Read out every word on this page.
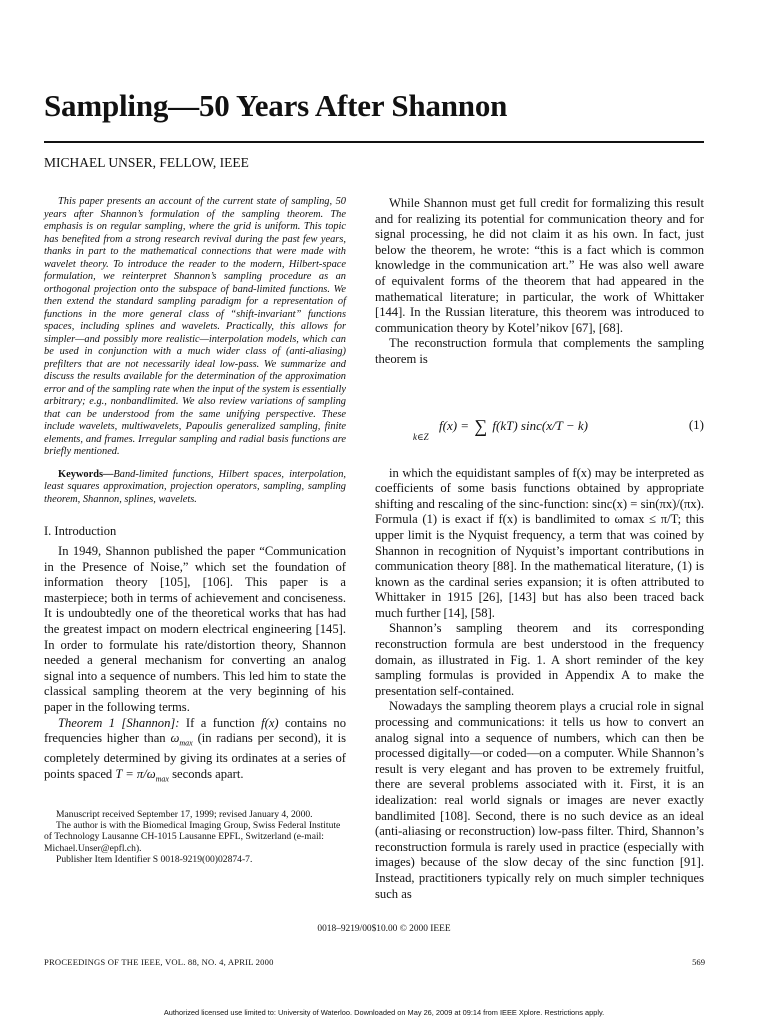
Sampling—50 Years After Shannon
MICHAEL UNSER, FELLOW, IEEE

This paper presents an account of the current state of sampling, 50 years after Shannon’s formulation of the sampling theorem. The emphasis is on regular sampling, where the grid is uniform. This topic has benefited from a strong research revival during the past few years, thanks in part to the mathematical connections that were made with wavelet theory. To introduce the reader to the modern, Hilbert-space formulation, we reinterpret Shannon’s sampling procedure as an orthogonal projection onto the subspace of band-limited functions. We then extend the standard sampling paradigm for a representation of functions in the more general class of “shift-invariant” functions spaces, including splines and wavelets. Practically, this allows for simpler—and possibly more realistic—interpolation models, which can be used in conjunction with a much wider class of (anti-aliasing) prefilters that are not necessarily ideal low-pass. We summarize and discuss the results available for the determination of the approximation error and of the sampling rate when the input of the system is essentially arbitrary; e.g., nonbandlimited. We also review variations of sampling that can be understood from the same unifying perspective. These include wavelets, multiwavelets, Papoulis generalized sampling, finite elements, and frames. Irregular sampling and radial basis functions are briefly mentioned.

Keywords—Band-limited functions, Hilbert spaces, interpolation, least squares approximation, projection operators, sampling, sampling theorem, Shannon, splines, wavelets.

I. Introduction

In 1949, Shannon published the paper “Communication in the Presence of Noise,” which set the foundation of information theory [105], [106]. This paper is a masterpiece; both in terms of achievement and conciseness. It is undoubtedly one of the theoretical works that has had the greatest impact on modern electrical engineering [145]. In order to formulate his rate/distortion theory, Shannon needed a general mechanism for converting an analog signal into a sequence of numbers. This led him to state the classical sampling theorem at the very beginning of his paper in the following terms.

Theorem 1 [Shannon]: If a function f(x) contains no frequencies higher than $\omega_{max}$ (in radians per second), it is completely determined by giving its ordinates at a series of points spaced $T = \pi/\omega_{max}$ seconds apart.

Manuscript received September 17, 1999; revised January 4, 2000.

The author is with the Biomedical Imaging Group, Swiss Federal Institute of Technology Lausanne CH-1015 Lausanne EPFL, Switzerland (e-mail: Michael.Unser@epfl.ch).

Publisher Item Identifier S 0018-9219(00)02874-7.

While Shannon must get full credit for formalizing this result and for realizing its potential for communication theory and for signal processing, he did not claim it as his own. In fact, just below the theorem, he wrote: “this is a fact which is common knowledge in the communication art.” He was also well aware of equivalent forms of the theorem that had appeared in the mathematical literature; in particular, the work of Whittaker [144]. In the Russian literature, this theorem was introduced to communication theory by Kotel’nikov [67], [68].

The reconstruction formula that complements the sampling theorem is

f(x) = ∑ f(kT) sinc(x/T − k)
k∈Z
(1)

in which the equidistant samples of f(x) may be interpreted as coefficients of some basis functions obtained by appropriate shifting and rescaling of the sinc-function: sinc(x) = sin(πx)/(πx). Formula (1) is exact if f(x) is bandlimited to ωmax ≤ π/T; this upper limit is the Nyquist frequency, a term that was coined by Shannon in recognition of Nyquist’s important contributions in communication theory [88]. In the mathematical literature, (1) is known as the cardinal series expansion; it is often attributed to Whittaker in 1915 [26], [143] but has also been traced back much further [14], [58].

Shannon’s sampling theorem and its corresponding reconstruction formula are best understood in the frequency domain, as illustrated in Fig. 1. A short reminder of the key sampling formulas is provided in Appendix A to make the presentation self-contained.

Nowadays the sampling theorem plays a crucial role in signal processing and communications: it tells us how to convert an analog signal into a sequence of numbers, which can then be processed digitally—or coded—on a computer. While Shannon’s result is very elegant and has proven to be extremely fruitful, there are several problems associated with it. First, it is an idealization: real world signals or images are never exactly bandlimited [108]. Second, there is no such device as an ideal (anti-aliasing or reconstruction) low-pass filter. Third, Shannon’s reconstruction formula is rarely used in practice (especially with images) because of the slow decay of the sinc function [91]. Instead, practitioners typically rely on much simpler techniques such as

0018–9219/00$10.00 © 2000 IEEE
PROCEEDINGS OF THE IEEE, VOL. 88, NO. 4, APRIL 2000	569
Authorized licensed use limited to: University of Waterloo. Downloaded on May 26, 2009 at 09:14 from IEEE Xplore. Restrictions apply.
